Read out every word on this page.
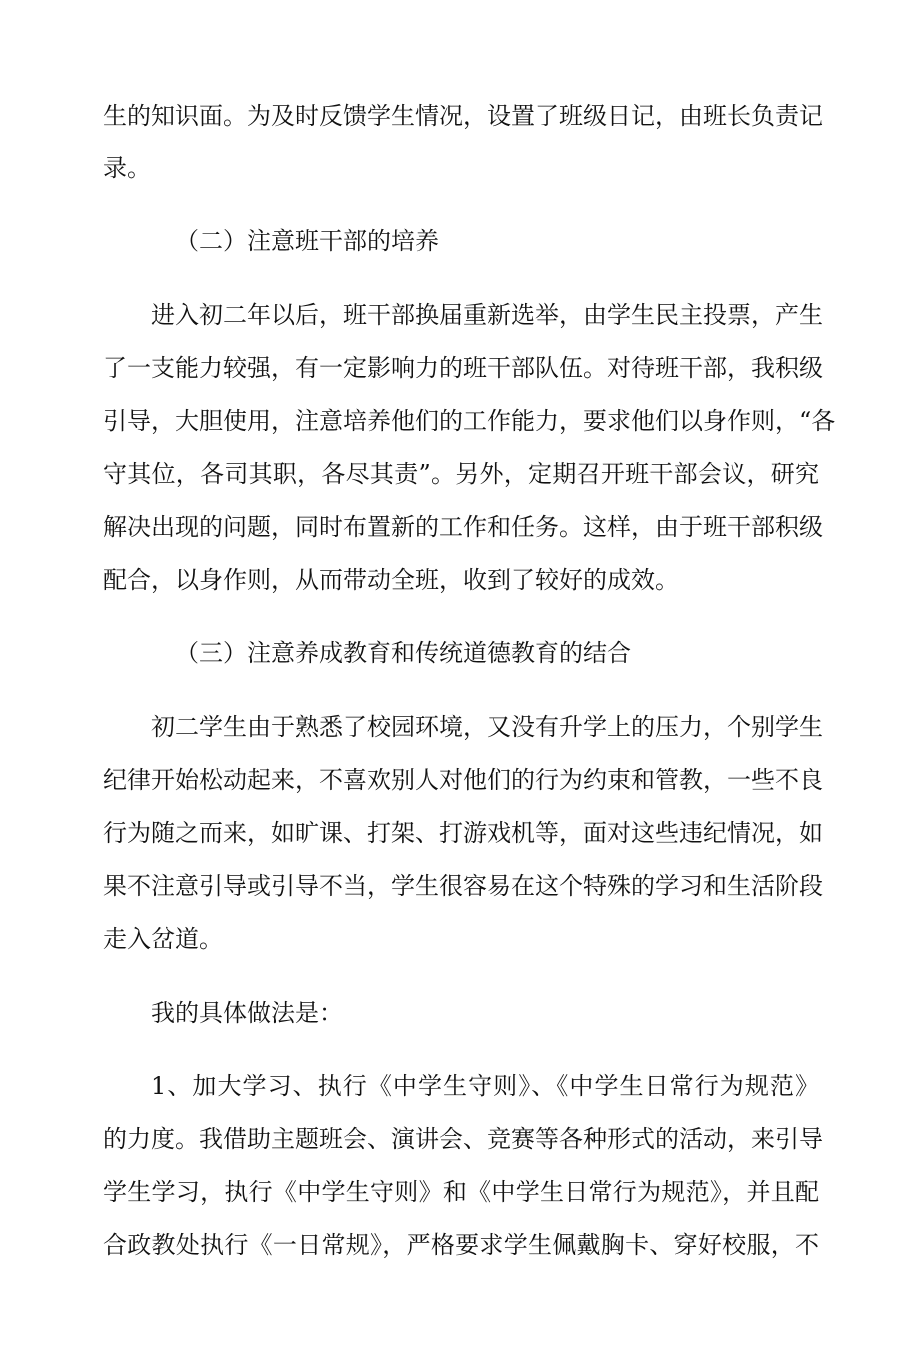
生的知识面。为及时反馈学生情况，设置了班级日记，由班长负责记
录。
（二）注意班干部的培养
进入初二年以后，班干部换届重新选举，由学生民主投票，产生
了一支能力较强，有一定影响力的班干部队伍。对待班干部，我积级
引导，大胆使用，注意培养他们的工作能力，要求他们以身作则，“各
守其位，各司其职，各尽其责”。另外，定期召开班干部会议，研究
解决出现的问题，同时布置新的工作和任务。这样，由于班干部积级
配合，以身作则，从而带动全班，收到了较好的成效。
（三）注意养成教育和传统道德教育的结合
初二学生由于熟悉了校园环境，又没有升学上的压力，个别学生
纪律开始松动起来，不喜欢别人对他们的行为约束和管教，一些不良
行为随之而来，如旷课、打架、打游戏机等，面对这些违纪情况，如
果不注意引导或引导不当，学生很容易在这个特殊的学习和生活阶段
走入岔道。
我的具体做法是：
1、加大学习、执行《中学生守则》、《中学生日常行为规范》
的力度。我借助主题班会、演讲会、竞赛等各种形式的活动，来引导
学生学习，执行《中学生守则》和《中学生日常行为规范》，并且配
合政教处执行《一日常规》，严格要求学生佩戴胸卡、穿好校服，不
